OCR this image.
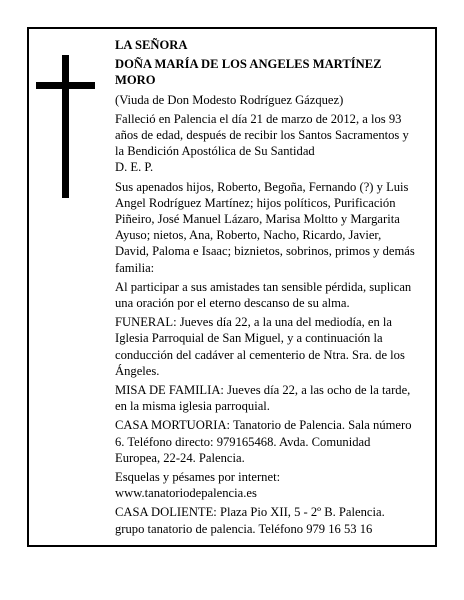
LA SEÑORA

DOÑA MARÍA DE LOS ANGELES MARTÍNEZ MORO

(Viuda de Don Modesto Rodríguez Gázquez)

Falleció en Palencia el día 21 de marzo de 2012, a los 93 años de edad, después de recibir los Santos Sacramentos y la Bendición Apostólica de Su Santidad

D. E. P.

Sus apenados hijos, Roberto, Begoña, Fernando (?) y Luis Angel Rodríguez Martínez; hijos políticos, Purificación Piñeiro, José Manuel Lázaro, Marisa Moltto y Margarita Ayuso; nietos, Ana, Roberto, Nacho, Ricardo, Javier, David, Paloma e Isaac; biznietos, sobrinos, primos y demás familia:

Al participar a sus amistades tan sensible pérdida, suplican una oración por el eterno descanso de su alma.

FUNERAL: Jueves día 22, a la una del mediodía, en la Iglesia Parroquial de San Miguel, y a continuación la conducción del cadáver al cementerio de Ntra. Sra. de los Ángeles.

MISA DE FAMILIA: Jueves día 22, a las ocho de la tarde, en la misma iglesia parroquial.

CASA MORTUORIA: Tanatorio de Palencia. Sala número 6. Teléfono directo: 979165468. Avda. Comunidad Europea, 22-24. Palencia.

Esquelas y pésames por internet:

www.tanatoriodepalencia.es

CASA DOLIENTE: Plaza Pio XII, 5 - 2º B. Palencia.

grupo tanatorio de palencia. Teléfono 979 16 53 16
